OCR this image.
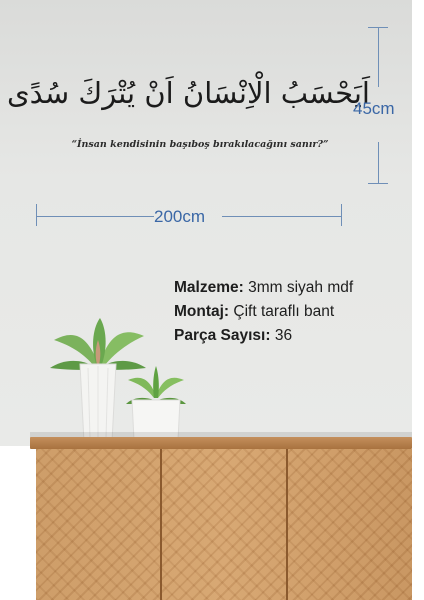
اَيَحْسَبُ الْاِنْسَانُ اَنْ يُتْرَكَ سُدًى
“İnsan kendisinin başıboş bırakılacağını sanır?”
45cm
200cm
Malzeme: 3mm siyah mdf
Montaj: Çift taraflı bant
Parça Sayısı: 36
